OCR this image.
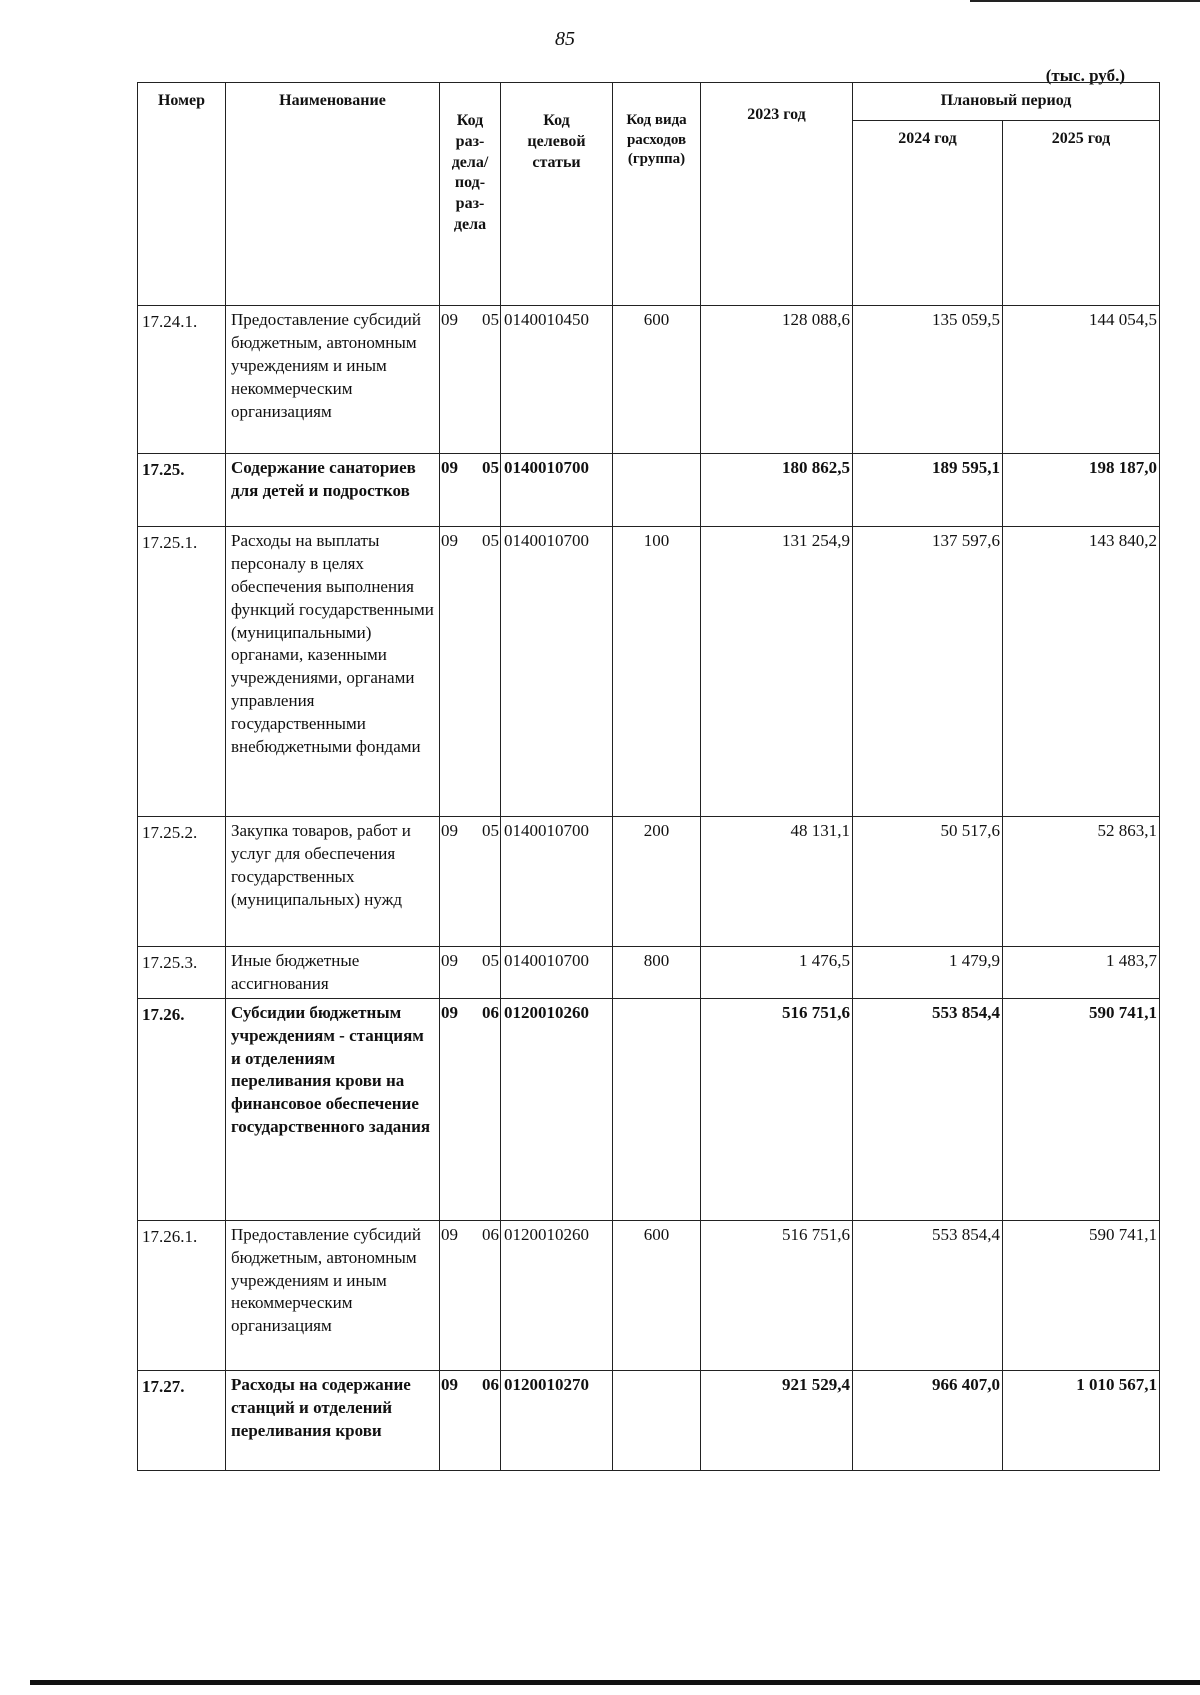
85
(тыс. руб.)
Номер	Наименование	Код раз- дела/ под- раз- дела		Код целевой статьи	Код вида расходов (группа)	2023 год	Плановый период	
							2024 год	2025 год
17.24.1.	Предоставление субсидий бюджетным, автономным учреждениям и иным некоммерческим организациям	09	05	0140010450	600	128 088,6	135 059,5	144 054,5
17.25.	Содержание санаториев для детей и подростков	09	05	0140010700		180 862,5	189 595,1	198 187,0
17.25.1.	Расходы на выплаты персоналу в целях обеспечения выполнения функций государственными (муниципальными) органами, казенными учреждениями, органами управления государственными внебюджетными фондами	09	05	0140010700	100	131 254,9	137 597,6	143 840,2
17.25.2.	Закупка товаров, работ и услуг для обеспечения государственных (муниципальных) нужд	09	05	0140010700	200	48 131,1	50 517,6	52 863,1
17.25.3.	Иные бюджетные ассигнования	09	05	0140010700	800	1 476,5	1 479,9	1 483,7
17.26.	Субсидии бюджетным учреждениям - станциям и отделениям переливания крови на финансовое обеспечение государственного задания	09	06	0120010260		516 751,6	553 854,4	590 741,1
17.26.1.	Предоставление субсидий бюджетным, автономным учреждениям и иным некоммерческим организациям	09	06	0120010260	600	516 751,6	553 854,4	590 741,1
17.27.	Расходы на содержание станций и отделений переливания крови	09	06	0120010270		921 529,4	966 407,0	1 010 567,1
